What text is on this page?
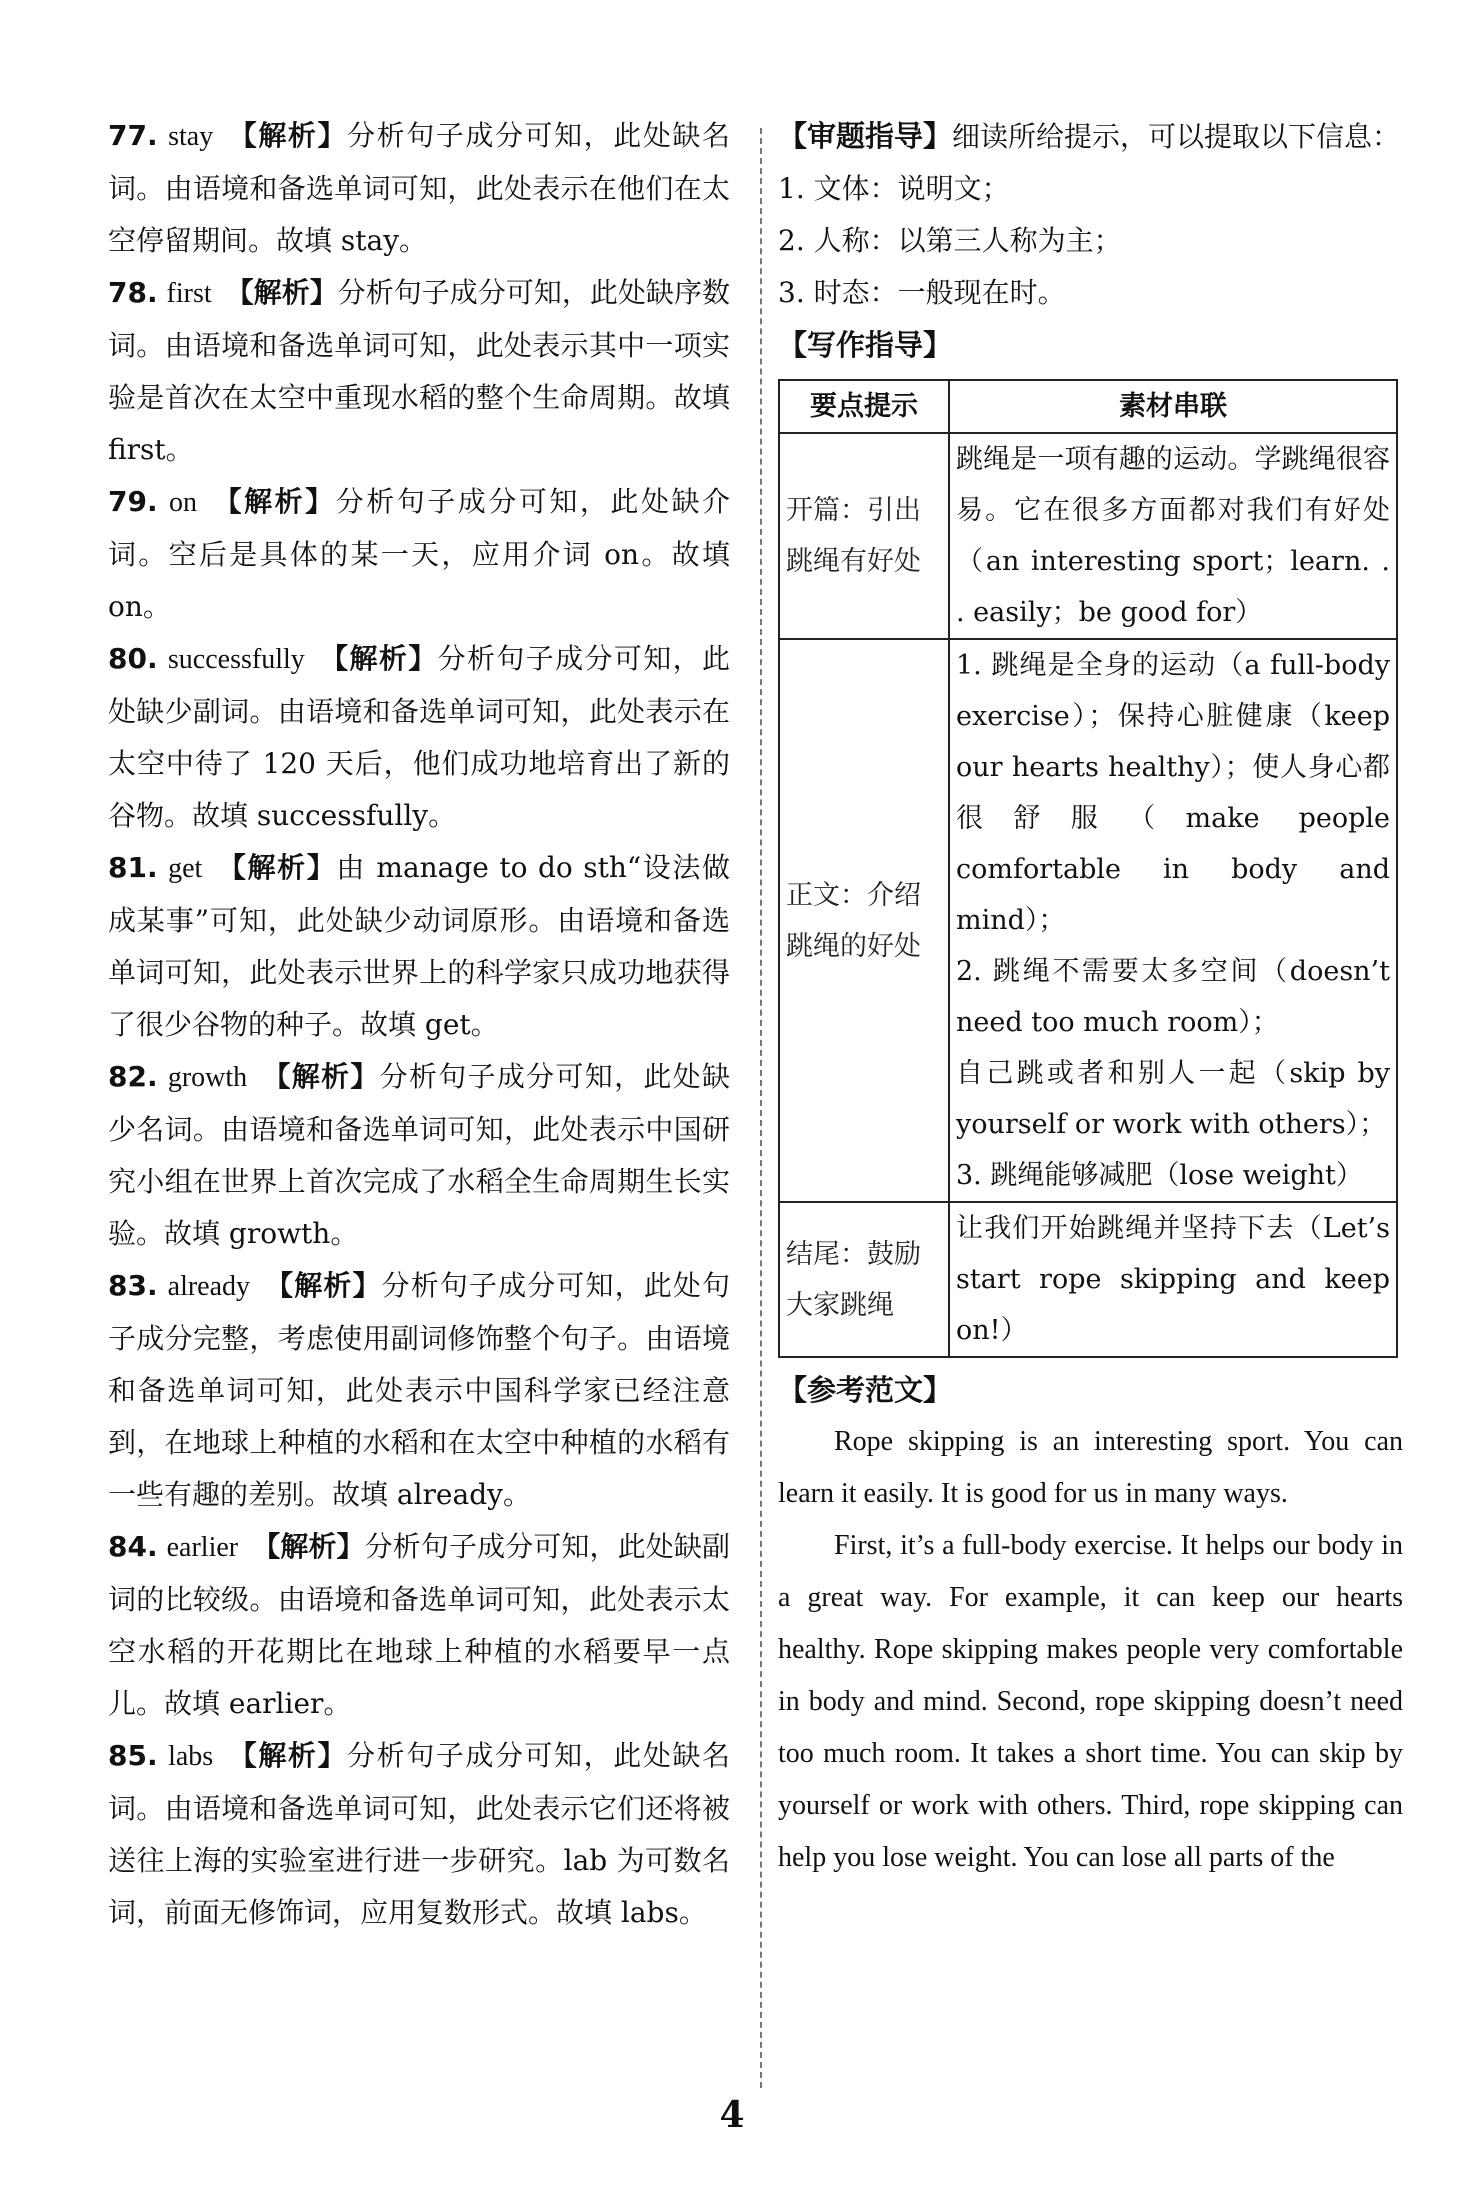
77. stay 【解析】分析句子成分可知，此处缺名词。由语境和备选单词可知，此处表示在他们在太空停留期间。故填 stay。

78. first 【解析】分析句子成分可知，此处缺序数词。由语境和备选单词可知，此处表示其中一项实验是首次在太空中重现水稻的整个生命周期。故填 first。

79. on 【解析】分析句子成分可知，此处缺介词。空后是具体的某一天，应用介词 on。故填 on。

80. successfully 【解析】分析句子成分可知，此处缺少副词。由语境和备选单词可知，此处表示在太空中待了 120 天后，他们成功地培育出了新的谷物。故填 successfully。

81. get 【解析】由 manage to do sth“设法做成某事”可知，此处缺少动词原形。由语境和备选单词可知，此处表示世界上的科学家只成功地获得了很少谷物的种子。故填 get。

82. growth 【解析】分析句子成分可知，此处缺少名词。由语境和备选单词可知，此处表示中国研究小组在世界上首次完成了水稻全生命周期生长实验。故填 growth。

83. already 【解析】分析句子成分可知，此处句子成分完整，考虑使用副词修饰整个句子。由语境和备选单词可知，此处表示中国科学家已经注意到，在地球上种植的水稻和在太空中种植的水稻有一些有趣的差别。故填 already。

84. earlier 【解析】分析句子成分可知，此处缺副词的比较级。由语境和备选单词可知，此处表示太空水稻的开花期比在地球上种植的水稻要早一点儿。故填 earlier。

85. labs 【解析】分析句子成分可知，此处缺名词。由语境和备选单词可知，此处表示它们还将被送往上海的实验室进行进一步研究。lab 为可数名词，前面无修饰词，应用复数形式。故填 labs。

【审题指导】细读所给提示，可以提取以下信息：

1. 文体：说明文；

2. 人称：以第三人称为主；

3. 时态：一般现在时。

【写作指导】
要点提示	素材串联
开篇：引出跳绳有好处	跳绳是一项有趣的运动。学跳绳很容易。它在很多方面都对我们有好处（an interesting sport；learn. . . easily；be good for）

正文：介绍跳绳的好处	1. 跳绳是全身的运动（a full-body exercise）；保持心脏健康（keep our hearts healthy）；使人身心都很舒服（make people comfortable in body and mind）；

2. 跳绳不需要太多空间（doesn’t need too much room）；

自己跳或者和别人一起（skip by yourself or work with others）；

3. 跳绳能够减肥（lose weight）

结尾：鼓励大家跳绳	让我们开始跳绳并坚持下去（Let’s start rope skipping and keep on!）

【参考范文】

Rope skipping is an interesting sport. You can learn it easily. It is good for us in many ways.

First, it’s a full-body exercise. It helps our body in a great way. For example, it can keep our hearts healthy. Rope skipping makes people very comfortable in body and mind. Second, rope skipping doesn’t need too much room. It takes a short time. You can skip by yourself or work with others. Third, rope skipping can help you lose weight. You can lose all parts of the

4
